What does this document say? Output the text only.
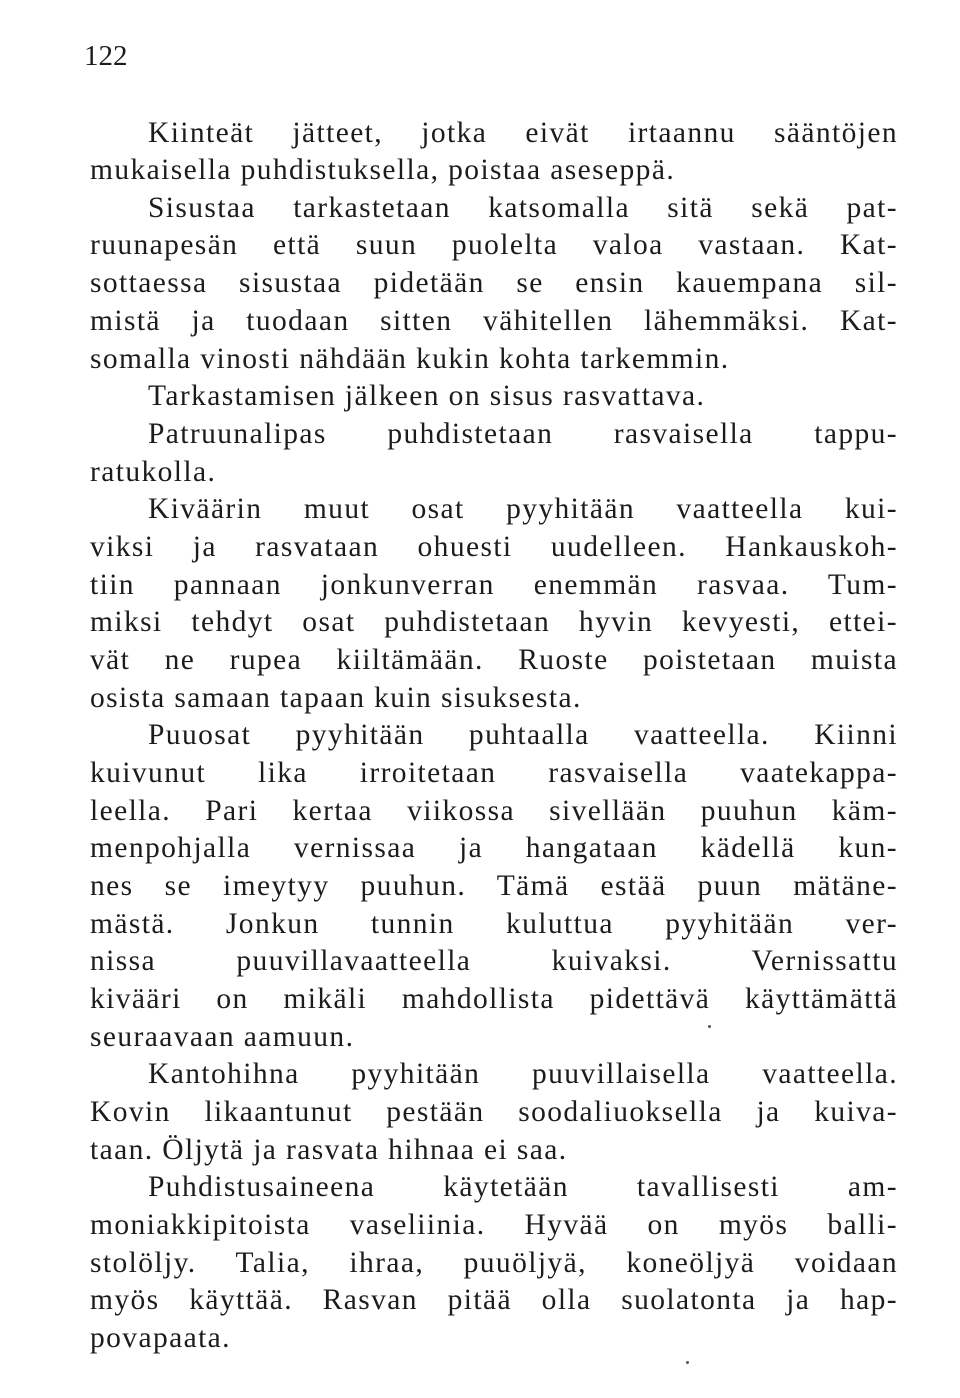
122
Kiinteät jätteet, jotka eivät irtaannu sääntöjen
mukaisella puhdistuksella, poistaa aseseppä.
Sisustaa tarkastetaan katsomalla sitä sekä pat-
ruunapesän että suun puolelta valoa vastaan. Kat-
sottaessa sisustaa pidetään se ensin kauempana sil-
mistä ja tuodaan sitten vähitellen lähemmäksi. Kat-
somalla vinosti nähdään kukin kohta tarkemmin.
Tarkastamisen jälkeen on sisus rasvattava.
Patruunalipas puhdistetaan rasvaisella tappu-
ratukolla.
Kiväärin muut osat pyyhitään vaatteella kui-
viksi ja rasvataan ohuesti uudelleen. Hankauskoh-
tiin pannaan jonkunverran enemmän rasvaa. Tum-
miksi tehdyt osat puhdistetaan hyvin kevyesti, ettei-
vät ne rupea kiiltämään. Ruoste poistetaan muista
osista samaan tapaan kuin sisuksesta.
Puuosat pyyhitään puhtaalla vaatteella. Kiinni
kuivunut lika irroitetaan rasvaisella vaatekappa-
leella. Pari kertaa viikossa sivellään puuhun käm-
menpohjalla vernissaa ja hangataan kädellä kun-
nes se imeytyy puuhun. Tämä estää puun mätäne-
mästä. Jonkun tunnin kuluttua pyyhitään ver-
nissa puuvillavaatteella kuivaksi. Vernissattu
kivääri on mikäli mahdollista pidettävä käyttämättä
seuraavaan aamuun.
Kantohihna pyyhitään puuvillaisella vaatteella.
Kovin likaantunut pestään soodaliuoksella ja kuiva-
taan. Öljytä ja rasvata hihnaa ei saa.
Puhdistusaineena käytetään tavallisesti am-
moniakkipitoista vaseliinia. Hyvää on myös balli-
stolöljy. Talia, ihraa, puuöljyä, koneöljyä voidaan
myös käyttää. Rasvan pitää olla suolatonta ja hap-
povapaata.
